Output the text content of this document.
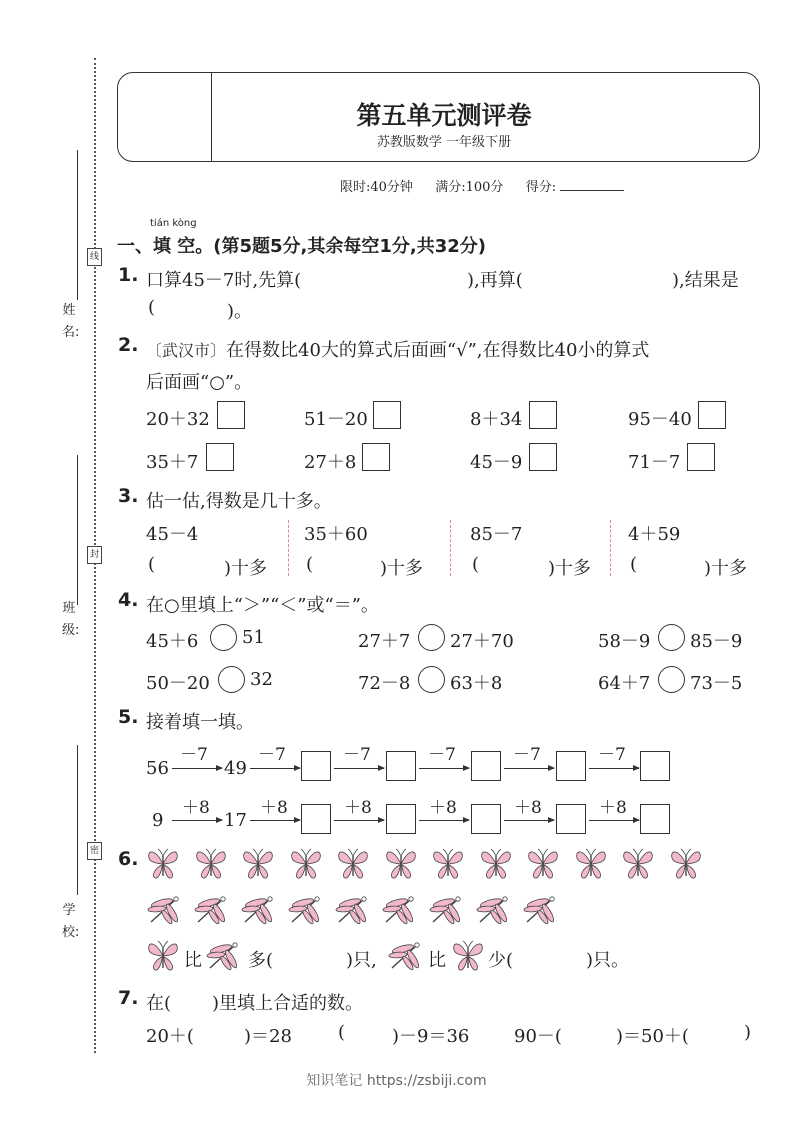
姓 名:
班 级:
学 校:
线
封
密
第五单元测评卷
苏教版数学 一年级下册
限时:40分钟 满分:100分 得分:
tián kòng
一、填 空。(第5题5分,其余每空1分,共32分)
1. 口算45－7时,先算(	),再算(	),结果是
(	)。
2. 〔武汉市〕在得数比40大的算式后面画“√”,在得数比40小的算式
后面画“○”。
20＋32	51－20	8＋34	95－40
35＋7	27＋8	45－9	71－7
3. 估一估,得数是几十多。
45－4	35＋60	85－7	4＋59
(	)十多 (	)十多	(	)十多 (	)十多
4. 在○里填上“＞”“＜”或“＝”。
45＋6 51	27＋7 27＋70	58－9 85－9
50－20 32	72－8 63＋8	64＋7 73－5
5. 接着填一填。
56
－7
49
－7	－7	－7	－7	－7
9
＋8
17
＋8	＋8	＋8	＋8	＋8
6.
比	多(	)只,	比 少(	)只。
7. 在( )里填上合适的数。
20＋(	)＝28	(	)－9＝36 90－(	)＝50＋(	)
知识笔记 https://zsbiji.com
